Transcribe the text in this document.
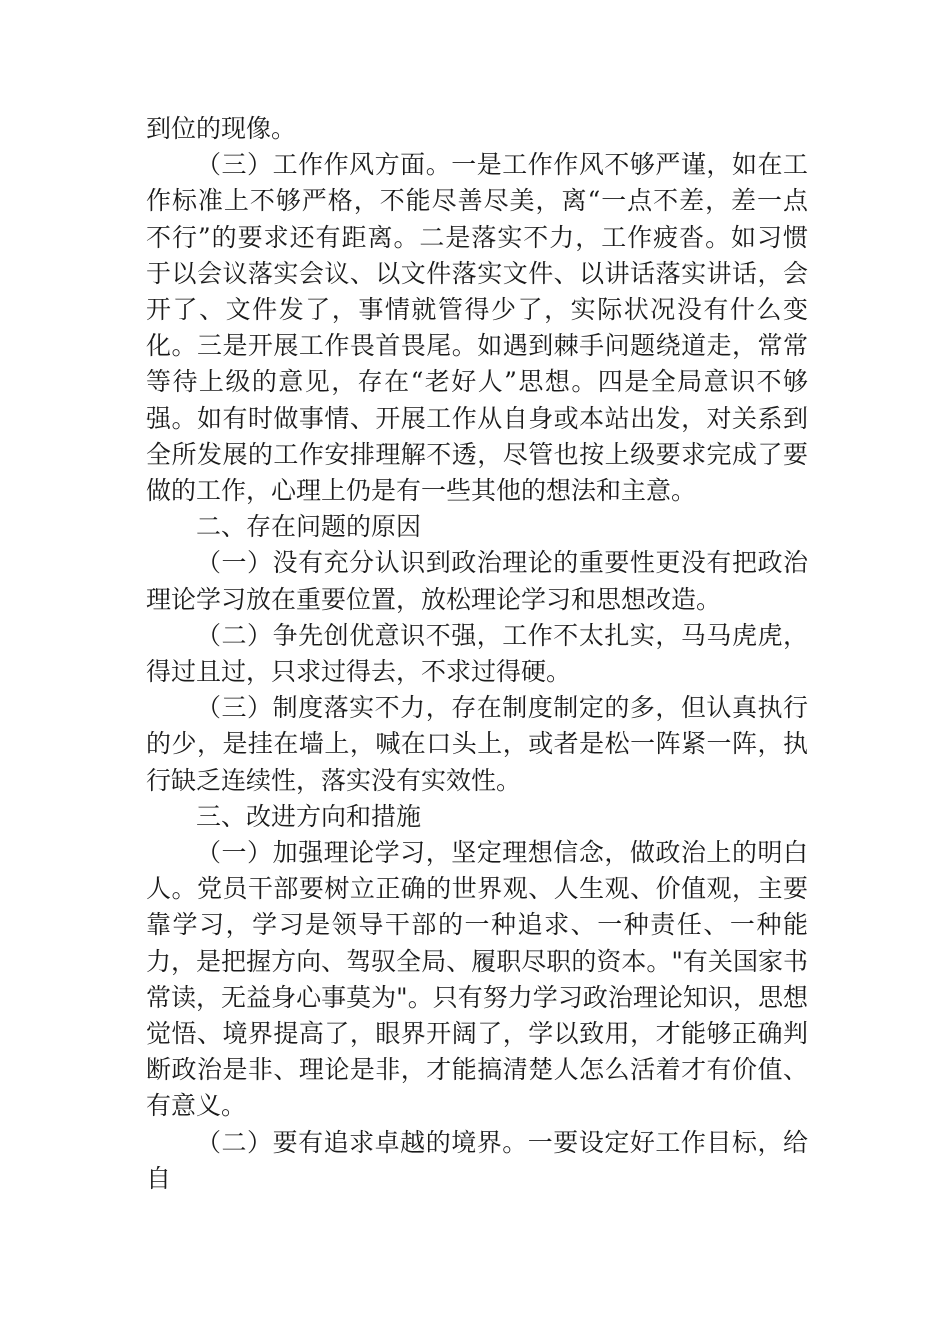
到位的现像。

（三）工作作风方面。一是工作作风不够严谨，如在工作标准上不够严格，不能尽善尽美，离“一点不差，差一点不行”的要求还有距离。二是落实不力，工作疲沓。如习惯于以会议落实会议、以文件落实文件、以讲话落实讲话，会开了、文件发了，事情就管得少了，实际状况没有什么变化。三是开展工作畏首畏尾。如遇到棘手问题绕道走，常常等待上级的意见，存在“老好人”思想。四是全局意识不够强。如有时做事情、开展工作从自身或本站出发，对关系到全所发展的工作安排理解不透，尽管也按上级要求完成了要做的工作，心理上仍是有一些其他的想法和主意。

二、存在问题的原因

（一）没有充分认识到政治理论的重要性更没有把政治理论学习放在重要位置，放松理论学习和思想改造。

（二）争先创优意识不强，工作不太扎实，马马虎虎，得过且过，只求过得去，不求过得硬。

（三）制度落实不力，存在制度制定的多，但认真执行的少，是挂在墙上，喊在口头上，或者是松一阵紧一阵，执行缺乏连续性，落实没有实效性。

三、改进方向和措施

（一）加强理论学习，坚定理想信念，做政治上的明白人。党员干部要树立正确的世界观、人生观、价值观，主要靠学习，学习是领导干部的一种追求、一种责任、一种能力，是把握方向、驾驭全局、履职尽职的资本。"有关国家书常读，无益身心事莫为"。只有努力学习政治理论知识，思想觉悟、境界提高了，眼界开阔了，学以致用，才能够正确判断政治是非、理论是非，才能搞清楚人怎么活着才有价值、有意义。

（二）要有追求卓越的境界。一要设定好工作目标，给自
